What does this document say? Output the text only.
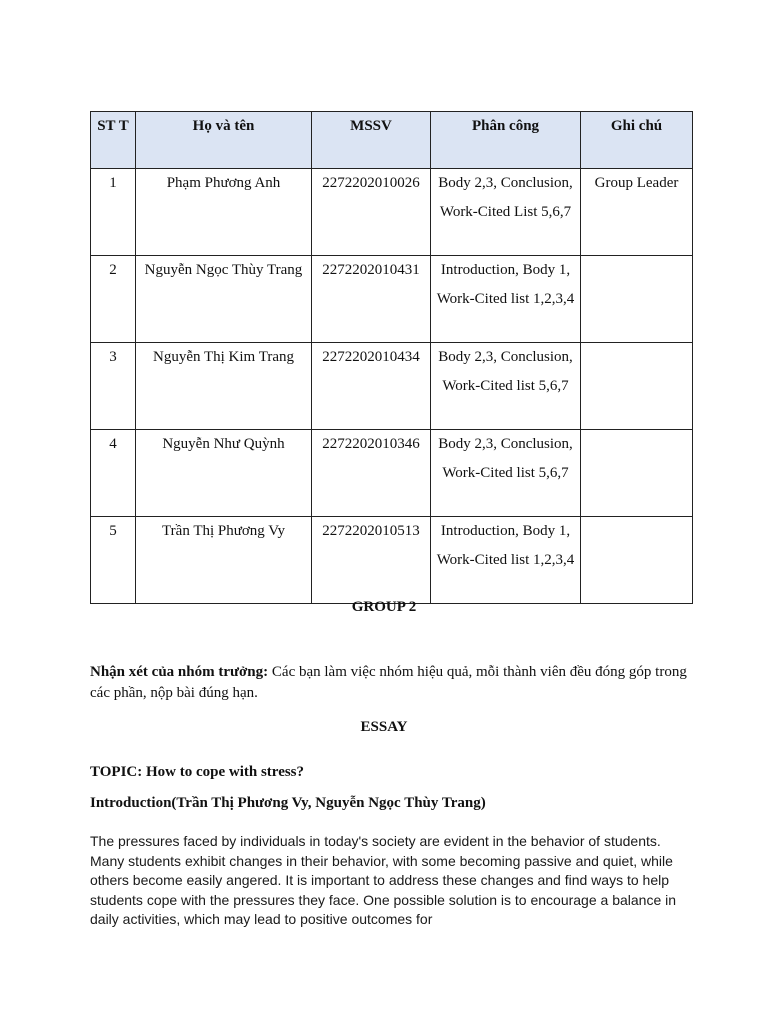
ST T	Họ và tên	MSSV	Phân công	Ghi chú
1	Phạm Phương Anh	2272202010026	Body 2,3, Conclusion, Work-Cited List 5,6,7	Group Leader
2	Nguyễn Ngọc Thùy Trang	2272202010431	Introduction, Body 1, Work-Cited list 1,2,3,4	
3	Nguyễn Thị Kim Trang	2272202010434	Body 2,3, Conclusion, Work-Cited list 5,6,7	
4	Nguyễn Như Quỳnh	2272202010346	Body 2,3, Conclusion, Work-Cited list 5,6,7	
5	Trần Thị Phương Vy	2272202010513	Introduction, Body 1, Work-Cited list 1,2,3,4	
GROUP 2
Nhận xét của nhóm trưởng: Các bạn làm việc nhóm hiệu quả, mỗi thành viên đều đóng góp trong các phần, nộp bài đúng hạn.
ESSAY
TOPIC: How to cope with stress?
Introduction(Trần Thị Phương Vy, Nguyễn Ngọc Thùy Trang)
The pressures faced by individuals in today's society are evident in the behavior of students. Many students exhibit changes in their behavior, with some becoming passive and quiet, while others become easily angered. It is important to address these changes and find ways to help students cope with the pressures they face. One possible solution is to encourage a balance in daily activities, which may lead to positive outcomes for
